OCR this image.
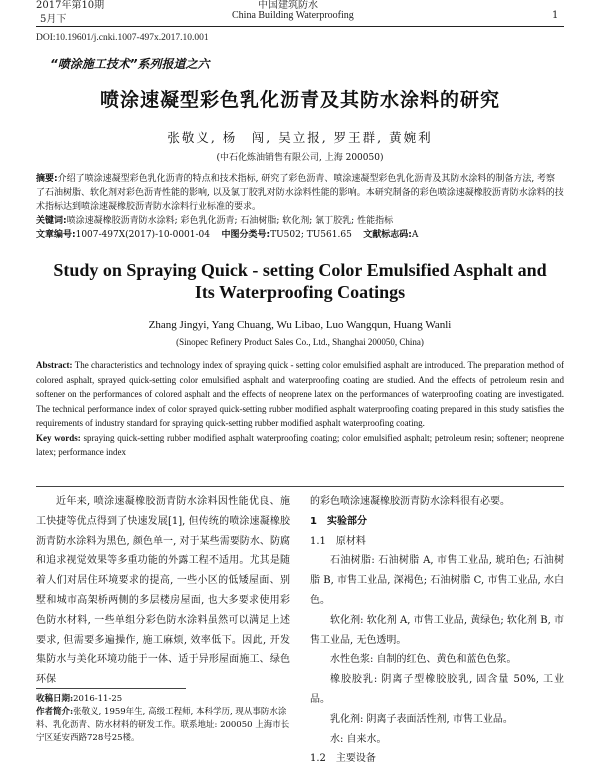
2017年第10期	中国建筑防水
5月下	China Building Waterproofing	1
DOI:10.19601/j.cnki.1007-497x.2017.10.001
“喷涂施工技术”系列报道之六
喷涂速凝型彩色乳化沥青及其防水涂料的研究
张敬义, 杨　闯, 吴立报, 罗王群, 黄婉利
(中石化炼油销售有限公司, 上海 200050)
摘要:介绍了喷涂速凝型彩色乳化沥青的特点和技术指标, 研究了彩色沥青、喷涂速凝型彩色乳化沥青及其防水涂料的制备方法, 考察了石油树脂、软化剂对彩色沥青性能的影响, 以及氯丁胶乳对防水涂料性能的影响。本研究制备的彩色喷涂速凝橡胶沥青防水涂料的技术指标达到喷涂速凝橡胶沥青防水涂料行业标准的要求。
关键词:喷涂速凝橡胶沥青防水涂料; 彩色乳化沥青; 石油树脂; 软化剂; 氯丁胶乳; 性能指标
文章编号:1007-497X(2017)-10-0001-04 中图分类号:TU502; TU561.65 文献标志码:A
Study on Spraying Quick - setting Color Emulsified Asphalt and
Its Waterproofing Coatings
Zhang Jingyi, Yang Chuang, Wu Libao, Luo Wangqun, Huang Wanli
(Sinopec Refinery Product Sales Co., Ltd., Shanghai 200050, China)
Abstract: The characteristics and technology index of spraying quick - setting color emulsified asphalt are introduced. The preparation method of colored asphalt, sprayed quick-setting color emulsified asphalt and waterproofing coating are studied. And the effects of petroleum resin and softener on the performances of colored asphalt and the effects of neoprene latex on the performances of waterproofing coating are investigated. The technical performance index of color sprayed quick-setting rubber modified asphalt waterproofing coating prepared in this study satisfies the requirements of industry standard for spraying quick-setting rubber modified asphalt waterproofing coating.
Key words: spraying quick-setting rubber modified asphalt waterproofing coating; color emulsified asphalt; petroleum resin; softener; neoprene latex; performance index

近年来, 喷涂速凝橡胶沥青防水涂料因性能优良、施工快捷等优点得到了快速发展[1], 但传统的喷涂速凝橡胶沥青防水涂料为黑色, 颜色单一, 对于某些需要防水、防腐和追求视觉效果等多重功能的外露工程不适用。尤其是随着人们对居住环境要求的提高, 一些小区的低矮屋面、别墅和城市高架桥两侧的多层楼房屋面, 也大多要求使用彩色防水材料, 一些单组分彩色防水涂料虽然可以满足上述要求, 但需要多遍操作, 施工麻烦, 效率低下。因此, 开发集防水与美化环境功能于一体、适于异形屋面施工、绿色环保

收稿日期:2016-11-25
作者简介:张敬义, 1959年生, 高级工程师, 本科学历, 现从事防水涂料、乳化沥青、防水材料的研发工作。联系地址: 200050 上海市长宁区延安西路728号25楼。

的彩色喷涂速凝橡胶沥青防水涂料很有必要。

1　实验部分

1.1　原材料

石油树脂: 石油树脂 A, 市售工业品, 琥珀色; 石油树脂 B, 市售工业品, 深褐色; 石油树脂 C, 市售工业品, 水白色。

软化剂: 软化剂 A, 市售工业品, 黄绿色; 软化剂 B, 市售工业品, 无色透明。

水性色浆: 自制的红色、黄色和蓝色色浆。

橡胶胶乳: 阴离子型橡胶胶乳, 固含量 50%, 工业品。

乳化剂: 阴离子表面活性剂, 市售工业品。

水: 自来水。

1.2　主要设备
